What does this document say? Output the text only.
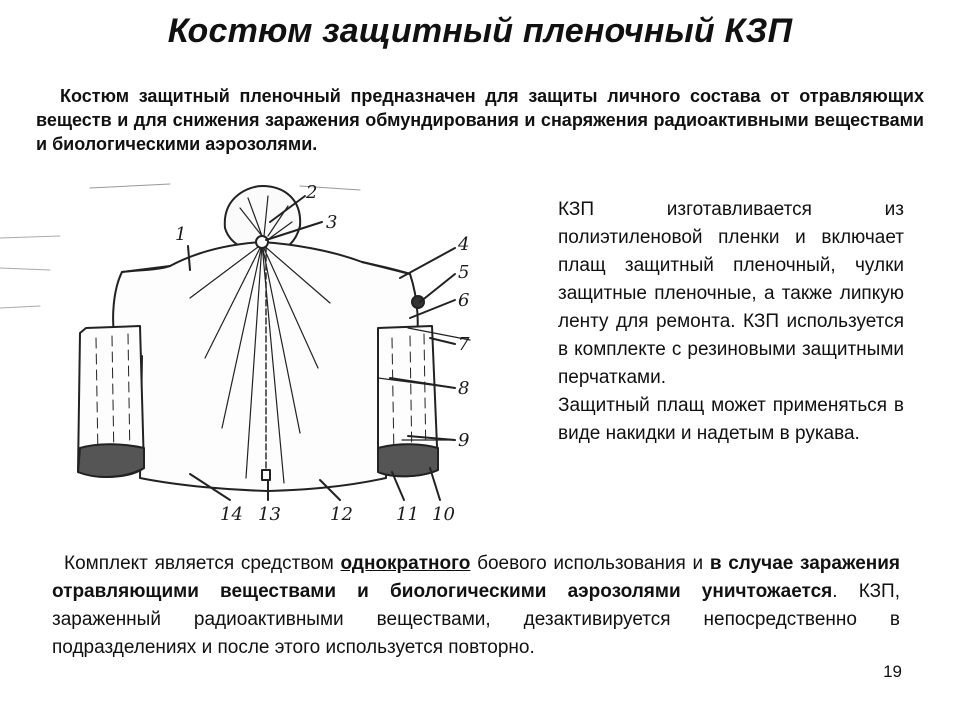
Костюм защитный пленочный КЗП
Костюм защитный пленочный предназначен для защиты личного состава от отравляющих веществ и для снижения заражения обмундирования и снаряжения радиоактивными веществами и биологическими аэрозолями.
1
2
3
4
5
6
7
8
9
10
11
12
13
14

КЗП изготавливается из полиэтиленовой пленки и включает плащ защитный пленочный, чулки защитные пленочные, а также липкую ленту для ремонта. КЗП используется в комплекте с резиновыми защитными перчатками.

Защитный плащ может применяться в виде накидки и надетым в рукава.

Комплект является средством однократного боевого использования и в случае заражения отравляющими веществами и биологическими аэрозолями уничтожается. КЗП, зараженный радиоактивными веществами, дезактивируется непосредственно в подразделениях и после этого используется повторно.
19
